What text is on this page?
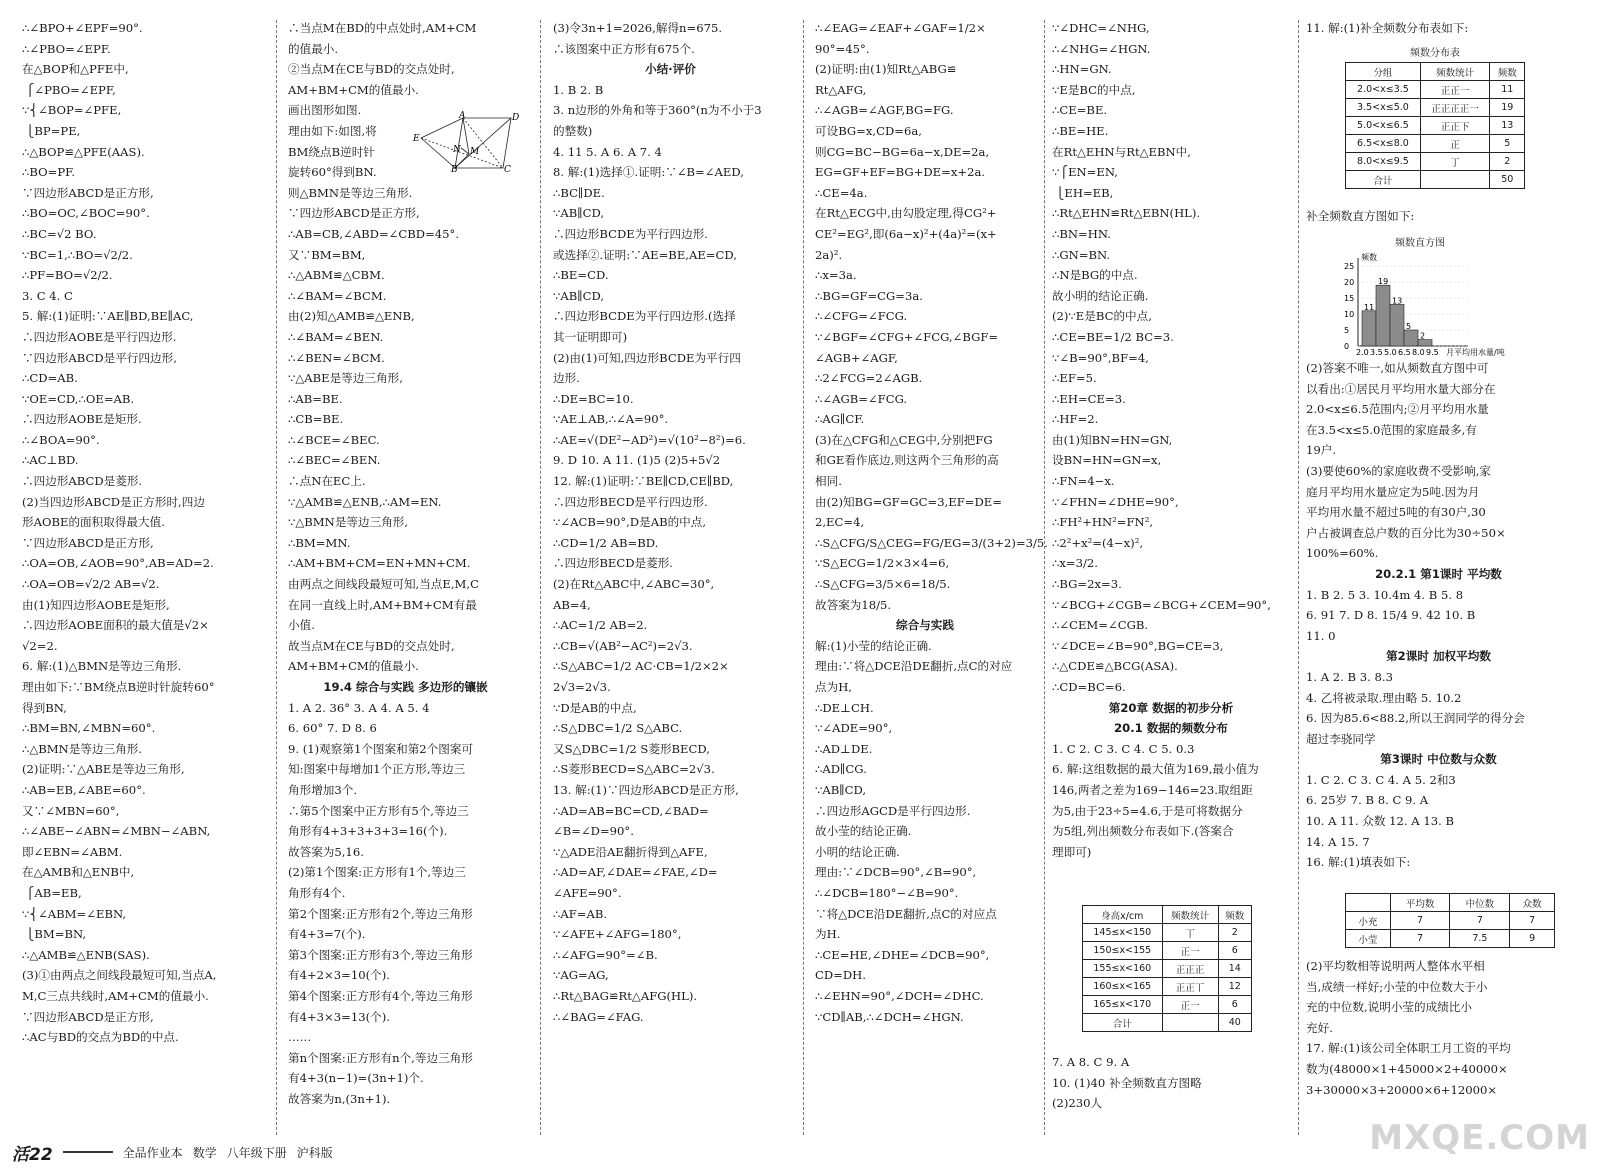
∴∠BPO+∠EPF=90°.
∴∠PBO=∠EPF.
在△BOP和△PFE中,
⎧∠PBO=∠EPF,
∵⎨∠BOP=∠PFE,
⎩BP=PE,
∴△BOP≌△PFE(AAS).
∴BO=PF.
∵四边形ABCD是正方形,
∴BO=OC,∠BOC=90°.
∴BC=√2 BO.
∵BC=1,∴BO=√2/2.
∴PF=BO=√2/2.
3. C 4. C
5. 解:(1)证明:∵AE∥BD,BE∥AC,
∴四边形AOBE是平行四边形.
∵四边形ABCD是平行四边形,
∴CD=AB.
∵OE=CD,∴OE=AB.
∴四边形AOBE是矩形.
∴∠BOA=90°.
∴AC⊥BD.
∴四边形ABCD是菱形.
(2)当四边形ABCD是正方形时,四边
形AOBE的面积取得最大值.
∵四边形ABCD是正方形,
∴OA=OB,∠AOB=90°,AB=AD=2.
∴OA=OB=√2/2 AB=√2.
由(1)知四边形AOBE是矩形,
∴四边形AOBE面积的最大值是√2×
√2=2.
6. 解:(1)△BMN是等边三角形.
理由如下:∵BM绕点B逆时针旋转60°
得到BN,
∴BM=BN,∠MBN=60°.
∴△BMN是等边三角形.
(2)证明:∵△ABE是等边三角形,
∴AB=EB,∠ABE=60°.
又∵∠MBN=60°,
∴∠ABE−∠ABN=∠MBN−∠ABN,
即∠EBN=∠ABM.
在△AMB和△ENB中,
⎧AB=EB,
∵⎨∠ABM=∠EBN,
⎩BM=BN,
∴△AMB≌△ENB(SAS).
(3)①由两点之间线段最短可知,当点A,
M,C三点共线时,AM+CM的值最小.
∵四边形ABCD是正方形,
∴AC与BD的交点为BD的中点.
∴当点M在BD的中点处时,AM+CM
的值最小.
②当点M在CE与BD的交点处时,
AM+BM+CM的值最小.
画出图形如图.
理由如下:如图,将
BM绕点B逆时针
旋转60°得到BN.
则△BMN是等边三角形.
∵四边形ABCD是正方形,
∴AB=CB,∠ABD=∠CBD=45°.
又∵BM=BM,
∴△ABM≌△CBM.
∴∠BAM=∠BCM.
由(2)知△AMB≌△ENB,
∴∠BAM=∠BEN.
∴∠BEN=∠BCM.
∵△ABE是等边三角形,
∴AB=BE.
∴CB=BE.
∴∠BCE=∠BEC.
∴∠BEC=∠BEN.
∴点N在EC上.
∵△AMB≌△ENB,∴AM=EN.
∵△BMN是等边三角形,
∴BM=MN.
∴AM+BM+CM=EN+MN+CM.
由两点之间线段最短可知,当点E,M,C
在同一直线上时,AM+BM+CM有最
小值.
故当点M在CE与BD的交点处时,
AM+BM+CM的值最小.
19.4 综合与实践 多边形的镶嵌
1. A 2. 36° 3. A 4. A 5. 4
6. 60° 7. D 8. 6
9. (1)观察第1个图案和第2个图案可
知:图案中每增加1个正方形,等边三
角形增加3个.
∴第5个图案中正方形有5个,等边三
角形有4+3+3+3+3=16(个).
故答案为5,16.
(2)第1个图案:正方形有1个,等边三
角形有4个.
第2个图案:正方形有2个,等边三角形
有4+3=7(个).
第3个图案:正方形有3个,等边三角形
有4+2×3=10(个).
第4个图案:正方形有4个,等边三角形
有4+3×3=13(个).
……
第n个图案:正方形有n个,等边三角形
有4+3(n−1)=(3n+1)个.
故答案为n,(3n+1).
(3)令3n+1=2026,解得n=675.
∴该图案中正方形有675个.
小结·评价
1. B 2. B
3. n边形的外角和等于360°(n为不小于3
的整数)
4. 11 5. A 6. A 7. 4
8. 解:(1)选择①.证明:∵∠B=∠AED,
∴BC∥DE.
∵AB∥CD,
∴四边形BCDE为平行四边形.
或选择②.证明:∵AE=BE,AE=CD,
∴BE=CD.
∵AB∥CD,
∴四边形BCDE为平行四边形.(选择
其一证明即可)
(2)由(1)可知,四边形BCDE为平行四
边形.
∴DE=BC=10.
∵AE⊥AB,∴∠A=90°.
∴AE=√(DE²−AD²)=√(10²−8²)=6.
9. D 10. A 11. (1)5 (2)5+5√2
12. 解:(1)证明:∵BE∥CD,CE∥BD,
∴四边形BECD是平行四边形.
∵∠ACB=90°,D是AB的中点,
∴CD=1/2 AB=BD.
∴四边形BECD是菱形.
(2)在Rt△ABC中,∠ABC=30°,
AB=4,
∴AC=1/2 AB=2.
∴CB=√(AB²−AC²)=2√3.
∴S△ABC=1/2 AC·CB=1/2×2×
2√3=2√3.
∵D是AB的中点,
∴S△DBC=1/2 S△ABC.
又S△DBC=1/2 S菱形BECD,
∴S菱形BECD=S△ABC=2√3.
13. 解:(1)∵四边形ABCD是正方形,
∴AD=AB=BC=CD,∠BAD=
∠B=∠D=90°.
∵△ADE沿AE翻折得到△AFE,
∴AD=AF,∠DAE=∠FAE,∠D=
∠AFE=90°.
∴AF=AB.
∵∠AFE+∠AFG=180°,
∴∠AFG=90°=∠B.
∵AG=AG,
∴Rt△BAG≌Rt△AFG(HL).
∴∠BAG=∠FAG.
∴∠EAG=∠EAF+∠GAF=1/2×
90°=45°.
(2)证明:由(1)知Rt△ABG≌
Rt△AFG,
∴∠AGB=∠AGF,BG=FG.
可设BG=x,CD=6a,
则CG=BC−BG=6a−x,DE=2a,
EG=GF+EF=BG+DE=x+2a.
∴CE=4a.
在Rt△ECG中,由勾股定理,得CG²+
CE²=EG²,即(6a−x)²+(4a)²=(x+
2a)².
∴x=3a.
∴BG=GF=CG=3a.
∴∠CFG=∠FCG.
∵∠BGF=∠CFG+∠FCG,∠BGF=
∠AGB+∠AGF,
∴2∠FCG=2∠AGB.
∴∠AGB=∠FCG.
∴AG∥CF.
(3)在△CFG和△CEG中,分别把FG
和GE看作底边,则这两个三角形的高
相同.
由(2)知BG=GF=GC=3,EF=DE=
2,EC=4,
∴S△CFG/S△CEG=FG/EG=3/(3+2)=3/5.
∵S△ECG=1/2×3×4=6,
∴S△CFG=3/5×6=18/5.
故答案为18/5.
综合与实践
解:(1)小莹的结论正确.
理由:∵将△DCE沿DE翻折,点C的对应
点为H,
∴DE⊥CH.
∵∠ADE=90°,
∴AD⊥DE.
∴AD∥CG.
∵AB∥CD,
∴四边形AGCD是平行四边形.
故小莹的结论正确.
小明的结论正确.
理由:∵∠DCB=90°,∠B=90°,
∴∠DCB=180°−∠B=90°.
∵将△DCE沿DE翻折,点C的对应点
为H.
∴CE=HE,∠DHE=∠DCB=90°,
CD=DH.
∴∠EHN=90°,∠DCH=∠DHC.
∵CD∥AB,∴∠DCH=∠HGN.
∵∠DHC=∠NHG,
∴∠NHG=∠HGN.
∴HN=GN.
∵E是BC的中点,
∴CE=BE.
∴BE=HE.
在Rt△EHN与Rt△EBN中,
∵⎧EN=EN,
⎩EH=EB,
∴Rt△EHN≌Rt△EBN(HL).
∴BN=HN.
∴GN=BN.
∴N是BG的中点.
故小明的结论正确.
(2)∵E是BC的中点,
∴CE=BE=1/2 BC=3.
∵∠B=90°,BF=4,
∴EF=5.
∴EH=CE=3.
∴HF=2.
由(1)知BN=HN=GN,
设BN=HN=GN=x,
∴FN=4−x.
∵∠FHN=∠DHE=90°,
∴FH²+HN²=FN²,
∴2²+x²=(4−x)²,
∴x=3/2.
∴BG=2x=3.
∵∠BCG+∠CGB=∠BCG+∠CEM=90°,
∴∠CEM=∠CGB.
∵∠DCE=∠B=90°,BG=CE=3,
∴△CDE≌△BCG(ASA).
∴CD=BC=6.
第20章 数据的初步分析
20.1 数据的频数分布
1. C 2. C 3. C 4. C 5. 0.3
6. 解:这组数据的最大值为169,最小值为
146,两者之差为169−146=23.取组距
为5,由于23÷5=4.6,于是可将数据分
为5组,列出频数分布表如下.(答案合
理即可)
身高x/cm	频数统计	频数
145≤x<150	丅	2
150≤x<155	正一	6
155≤x<160	正正正	14
160≤x<165	正正丅	12
165≤x<170	正一	6
合计		40
7. A 8. C 9. A
10. (1)40 补全频数直方图略
(2)230人
11. 解:(1)补全频数分布表如下:
频数分布表
分组	频数统计	频数
2.0<x≤3.5	正正一	11
3.5<x≤5.0	正正正正一	19
5.0<x≤6.5	正正下	13
6.5<x≤8.0	正	5
8.0<x≤9.5	丁	2
合计		50
补全频数直方图如下:
频数直方图
频数
0
5
10
15
20
25
11
19
13
5
2
2.0 3.5 5.0 6.5 8.0 9.5 月平均用水量/吨
(2)答案不唯一,如从频数直方图中可
以看出:①居民月平均用水量大部分在
2.0<x≤6.5范围内;②月平均用水量
在3.5<x≤5.0范围的家庭最多,有
19户.
(3)要使60%的家庭收费不受影响,家
庭月平均用水量应定为5吨.因为月
平均用水量不超过5吨的有30户,30
户占被调查总户数的百分比为30÷50×
100%=60%.
20.2.1 第1课时 平均数
1. B 2. 5 3. 10.4m 4. B 5. 8
6. 91 7. D 8. 15/4 9. 42 10. B
11. 0
第2课时 加权平均数
1. A 2. B 3. 8.3
4. 乙将被录取.理由略 5. 10.2
6. 因为85.6<88.2,所以王润同学的得分会
超过李骁同学
第3课时 中位数与众数
1. C 2. C 3. C 4. A 5. 2和3
6. 25岁 7. B 8. C 9. A
10. A 11. 众数 12. A 13. B
14. A 15. 7
16. 解:(1)填表如下:
	平均数	中位数	众数
小充	7	7	7
小莹	7	7.5	9
(2)平均数相等说明两人整体水平相
当,成绩一样好;小莹的中位数大于小
充的中位数,说明小莹的成绩比小
充好.
17. 解:(1)该公司全体职工月工资的平均
数为(48000×1+45000×2+40000×
3+30000×3+20000×6+12000×
A	D
E
N M
B	C
活22	全品作业本 数学 八年级下册 沪科版	MXQE.COM
